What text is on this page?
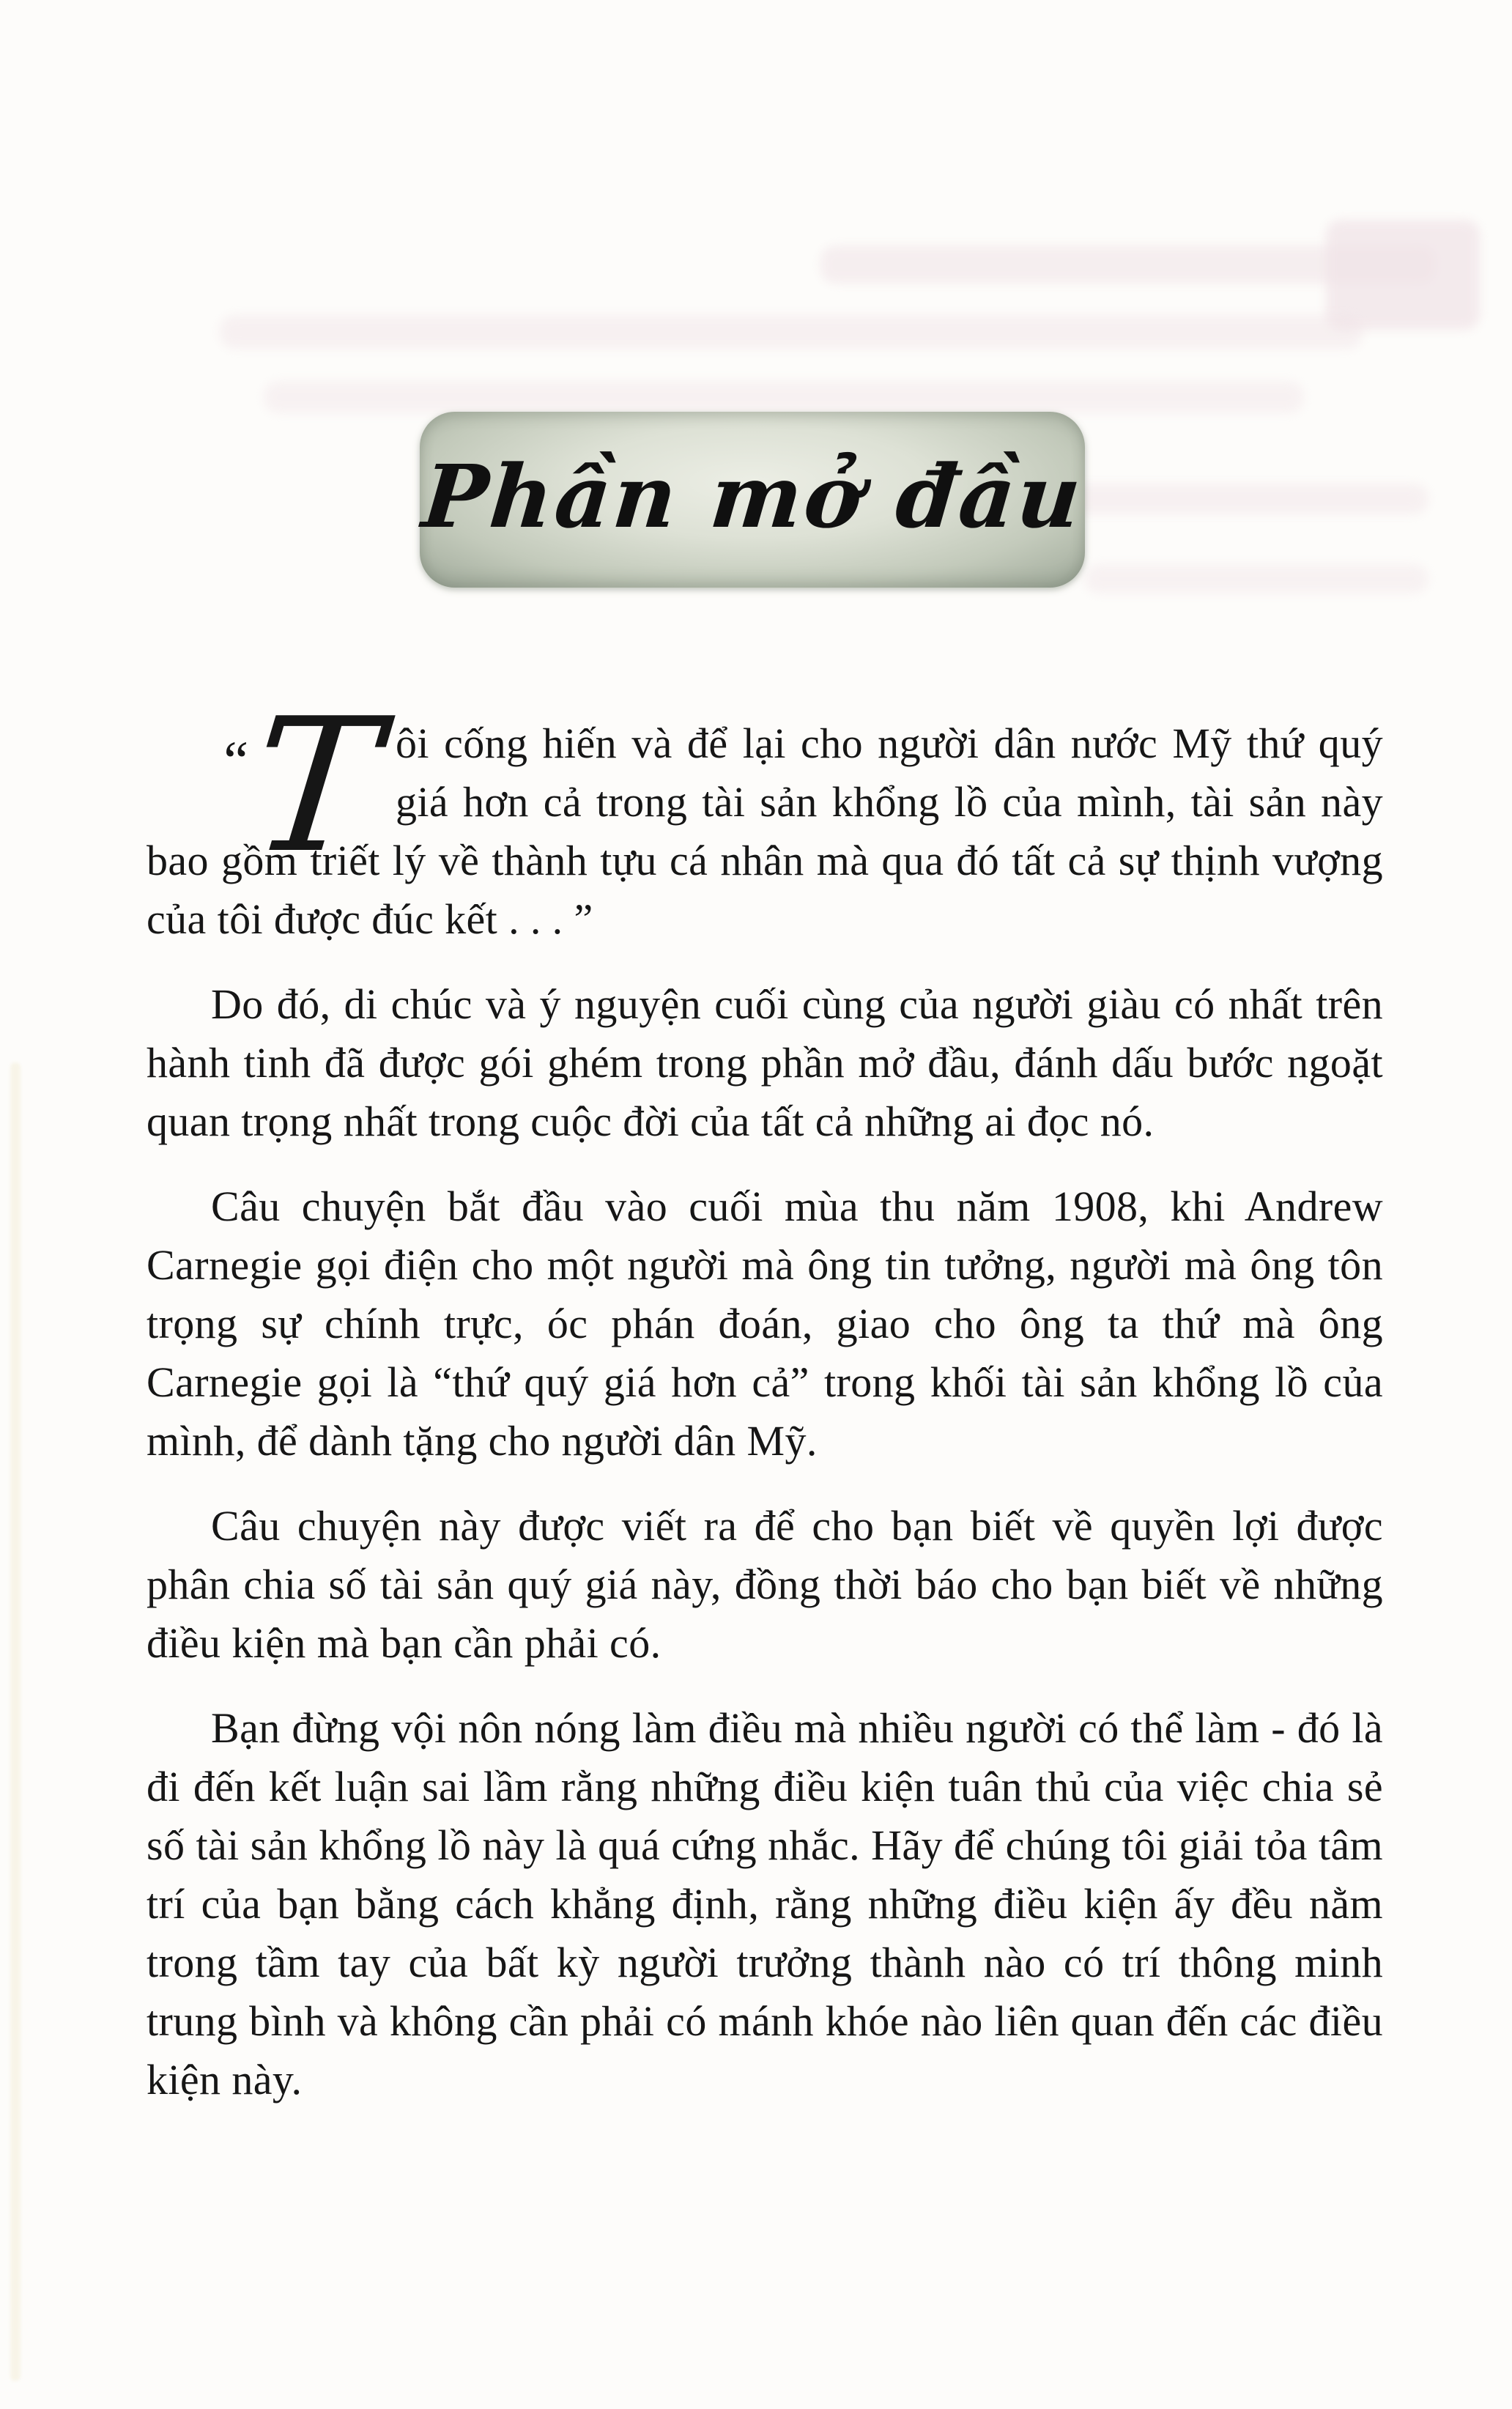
Phần mở đầu

“
T ôi cống hiến và để lại cho người dân nước Mỹ thứ quý giá hơn cả trong tài sản khổng lồ của mình, tài sản này bao gồm triết lý về thành tựu cá nhân mà qua đó tất cả sự thịnh vượng của tôi được đúc kết . . . ”

Do đó, di chúc và ý nguyện cuối cùng của người giàu có nhất trên hành tinh đã được gói ghém trong phần mở đầu, đánh dấu bước ngoặt quan trọng nhất trong cuộc đời của tất cả những ai đọc nó.

Câu chuyện bắt đầu vào cuối mùa thu năm 1908, khi Andrew Carnegie gọi điện cho một người mà ông tin tưởng, người mà ông tôn trọng sự chính trực, óc phán đoán, giao cho ông ta thứ mà ông Carnegie gọi là “thứ quý giá hơn cả” trong khối tài sản khổng lồ của mình, để dành tặng cho người dân Mỹ.

Câu chuyện này được viết ra để cho bạn biết về quyền lợi được phân chia số tài sản quý giá này, đồng thời báo cho bạn biết về những điều kiện mà bạn cần phải có.

Bạn đừng vội nôn nóng làm điều mà nhiều người có thể làm - đó là đi đến kết luận sai lầm rằng những điều kiện tuân thủ của việc chia sẻ số tài sản khổng lồ này là quá cứng nhắc. Hãy để chúng tôi giải tỏa tâm trí của bạn bằng cách khẳng định, rằng những điều kiện ấy đều nằm trong tầm tay của bất kỳ người trưởng thành nào có trí thông minh trung bình và không cần phải có mánh khóe nào liên quan đến các điều kiện này.
